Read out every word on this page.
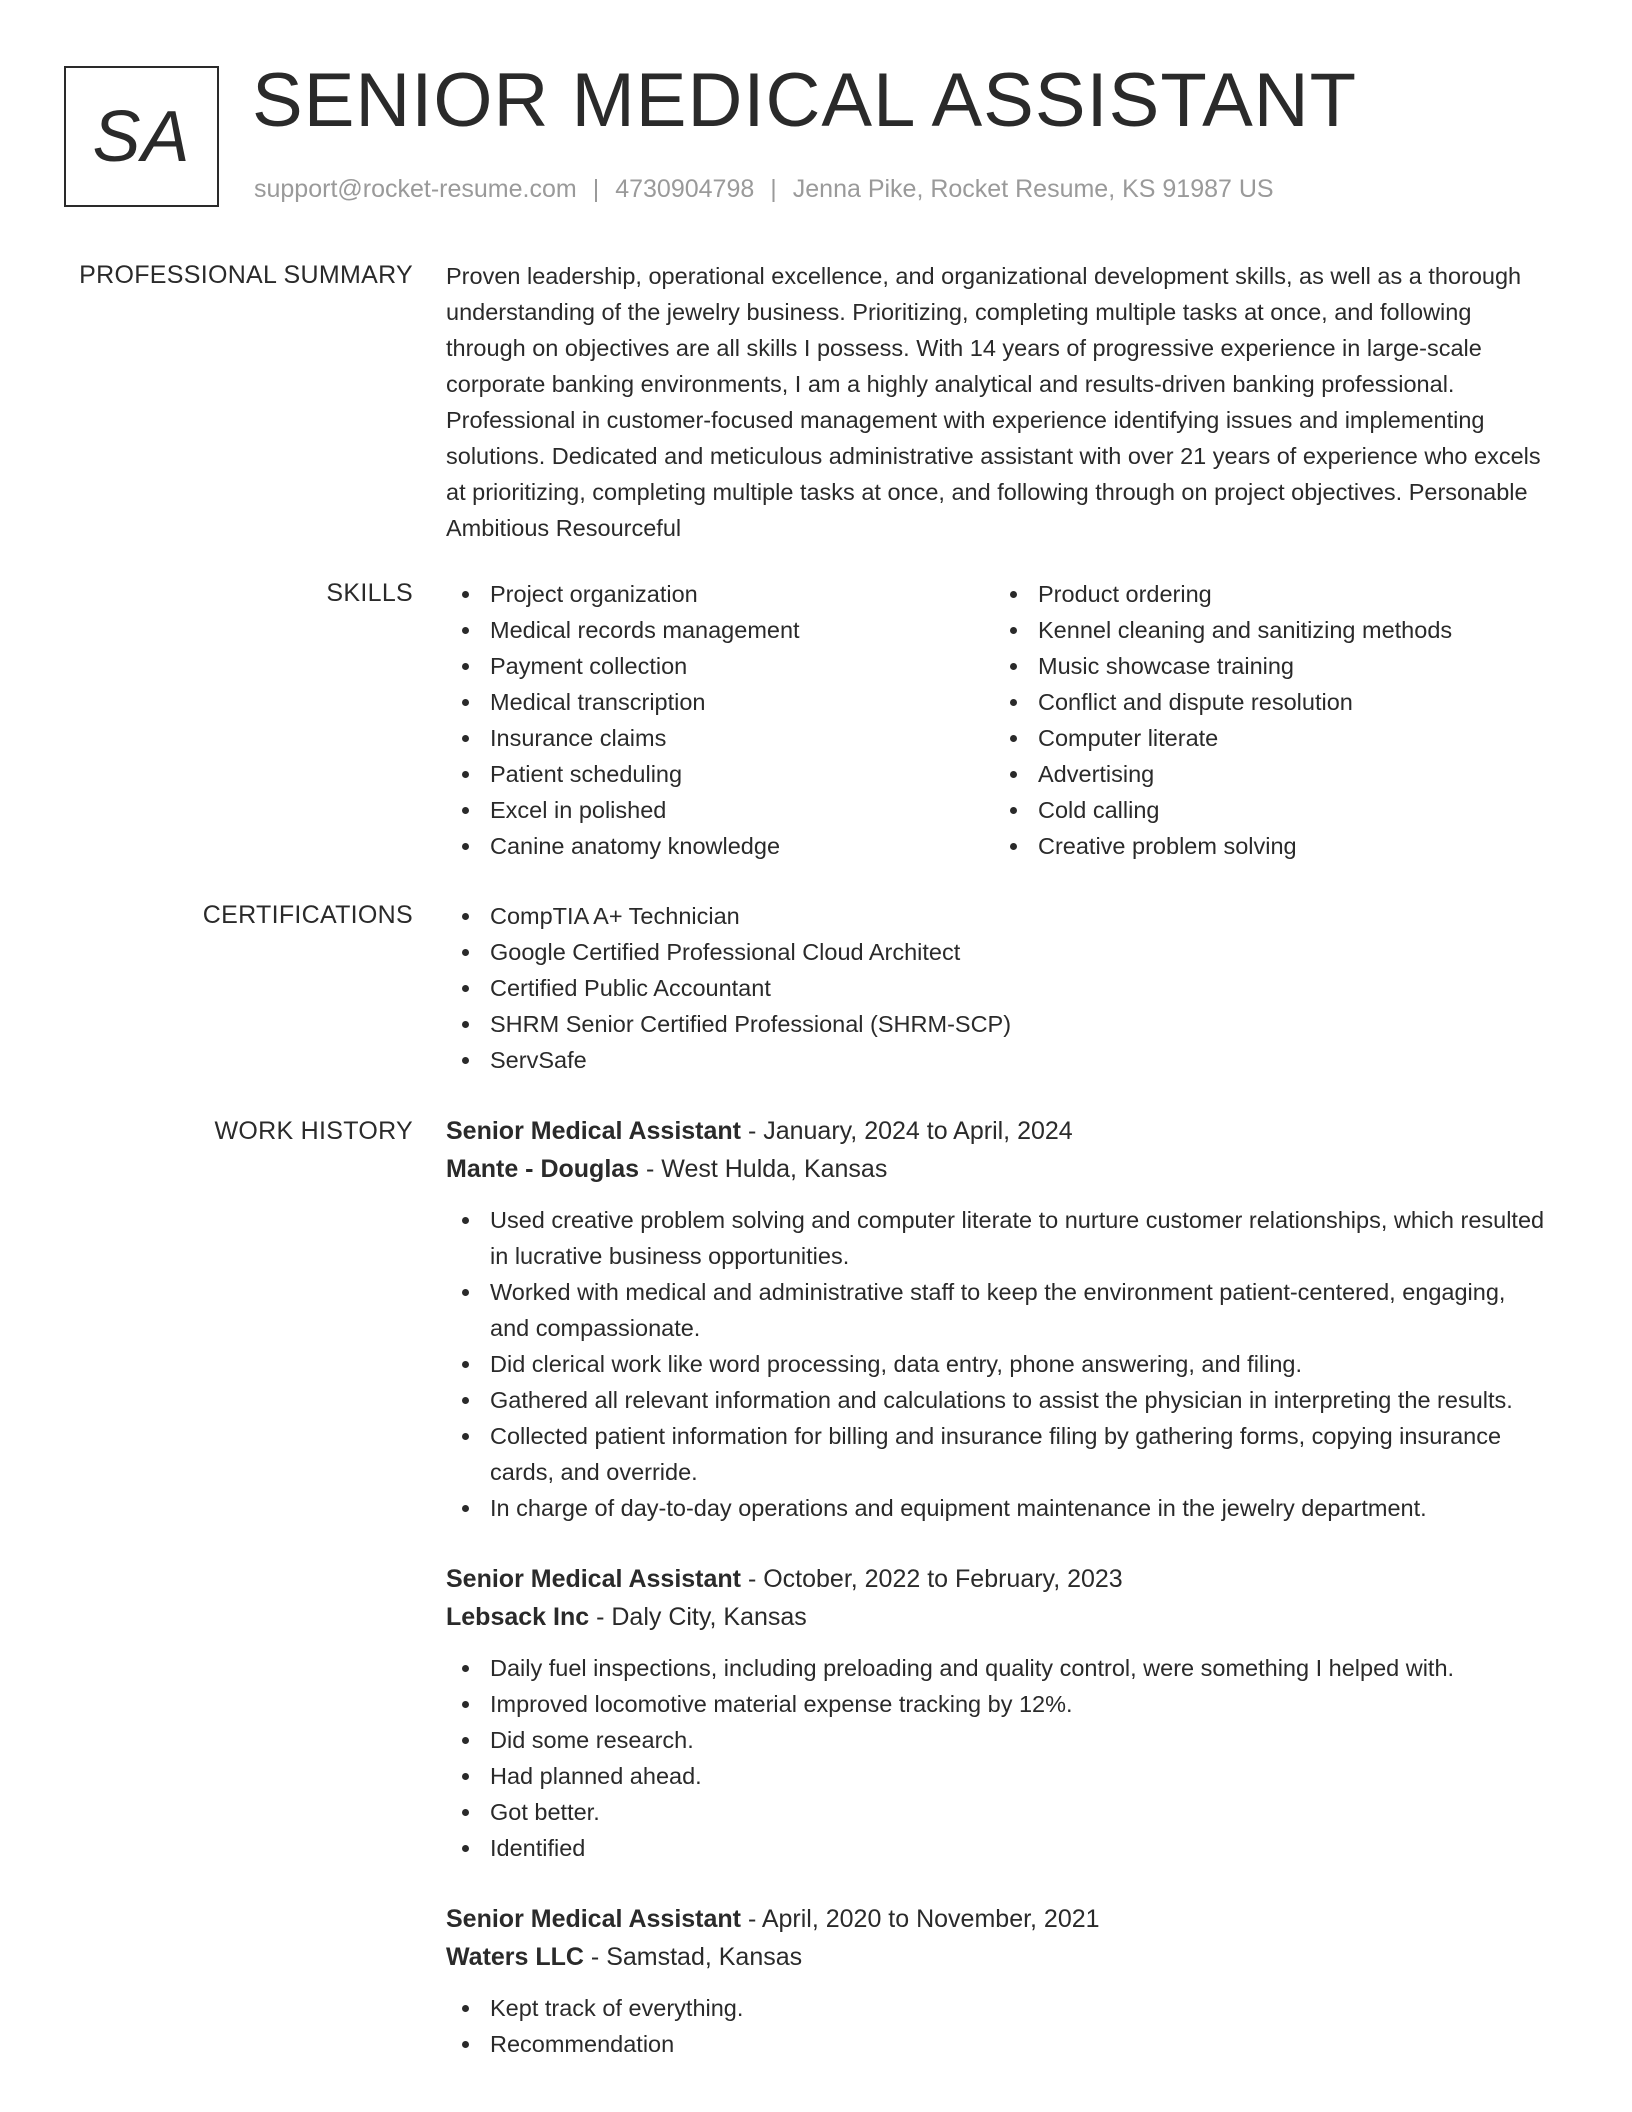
SA SENIOR MEDICAL ASSISTANT
support@rocket-resume.com | 4730904798 | Jenna Pike, Rocket Resume, KS 91987 US
PROFESSIONAL SUMMARY Proven leadership, operational excellence, and organizational development skills, as well as a thorough understanding of the jewelry business. Prioritizing, completing multiple tasks at once, and following through on objectives are all skills I possess. With 14 years of progressive experience in large-scale corporate banking environments, I am a highly analytical and results-driven banking professional. Professional in customer-focused management with experience identifying issues and implementing solutions. Dedicated and meticulous administrative assistant with over 21 years of experience who excels at prioritizing, completing multiple tasks at once, and following through on project objectives. Personable Ambitious Resourceful
SKILLS	Project organization
Medical records management
Payment collection
Medical transcription
Insurance claims
Patient scheduling
Excel in polished
Canine anatomy knowledge
Product ordering
Kennel cleaning and sanitizing methods
Music showcase training
Conflict and dispute resolution
Computer literate
Advertising
Cold calling
Creative problem solving
CERTIFICATIONS	CompTIA A+ Technician
Google Certified Professional Cloud Architect
Certified Public Accountant
SHRM Senior Certified Professional (SHRM-SCP)
ServSafe
WORK HISTORY Senior Medical Assistant - January, 2024 to April, 2024
Mante - Douglas - West Hulda, Kansas
Used creative problem solving and computer literate to nurture customer relationships, which resulted in lucrative business opportunities.
Worked with medical and administrative staff to keep the environment patient-centered, engaging, and compassionate.
Did clerical work like word processing, data entry, phone answering, and filing.
Gathered all relevant information and calculations to assist the physician in interpreting the results.
Collected patient information for billing and insurance filing by gathering forms, copying insurance cards, and override.
In charge of day-to-day operations and equipment maintenance in the jewelry department.
Senior Medical Assistant - October, 2022 to February, 2023
Lebsack Inc - Daly City, Kansas
Daily fuel inspections, including preloading and quality control, were something I helped with.
Improved locomotive material expense tracking by 12%.
Did some research.
Had planned ahead.
Got better.
Identified
Senior Medical Assistant - April, 2020 to November, 2021
Waters LLC - Samstad, Kansas
Kept track of everything.
Recommendation
